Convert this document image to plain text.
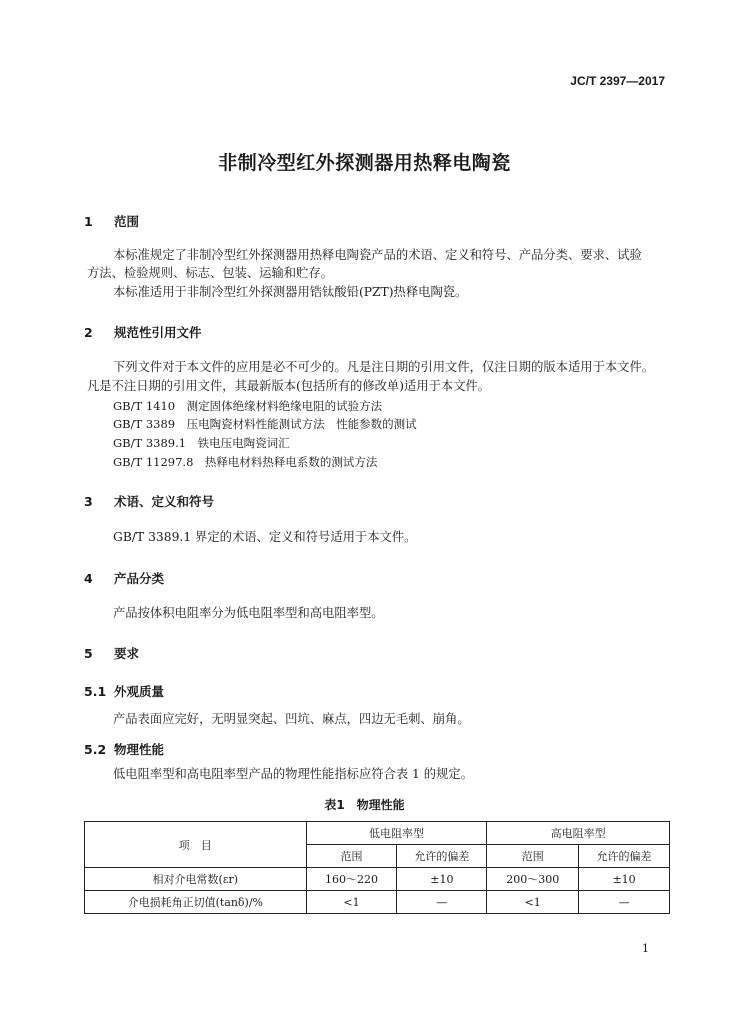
JC/T 2397—2017
非制冷型红外探测器用热释电陶瓷
1 范围
本标准规定了非制冷型红外探测器用热释电陶瓷产品的术语、定义和符号、产品分类、要求、试验
方法、检验规则、标志、包装、运输和贮存。
本标准适用于非制冷型红外探测器用锆钛酸铅(PZT)热释电陶瓷。
2 规范性引用文件
下列文件对于本文件的应用是必不可少的。凡是注日期的引用文件，仅注日期的版本适用于本文件。
凡是不注日期的引用文件，其最新版本(包括所有的修改单)适用于本文件。
GB/T 1410　测定固体绝缘材料绝缘电阻的试验方法
GB/T 3389　压电陶瓷材料性能测试方法　性能参数的测试
GB/T 3389.1　铁电压电陶瓷词汇
GB/T 11297.8　热释电材料热释电系数的测试方法
3 术语、定义和符号
GB/T 3389.1 界定的术语、定义和符号适用于本文件。
4 产品分类
产品按体积电阻率分为低电阻率型和高电阻率型。
5 要求
5.1 外观质量
产品表面应完好，无明显突起、凹坑、麻点，四边无毛刺、崩角。
5.2 物理性能
低电阻率型和高电阻率型产品的物理性能指标应符合表 1 的规定。
表1　物理性能
项　目	低电阻率型		高电阻率型	
	范围	允许的偏差	范围	允许的偏差
相对介电常数(εr)	160～220	±10	200～300	±10
介电损耗角正切值(tanδ)/%	<1	—	<1	—
1
